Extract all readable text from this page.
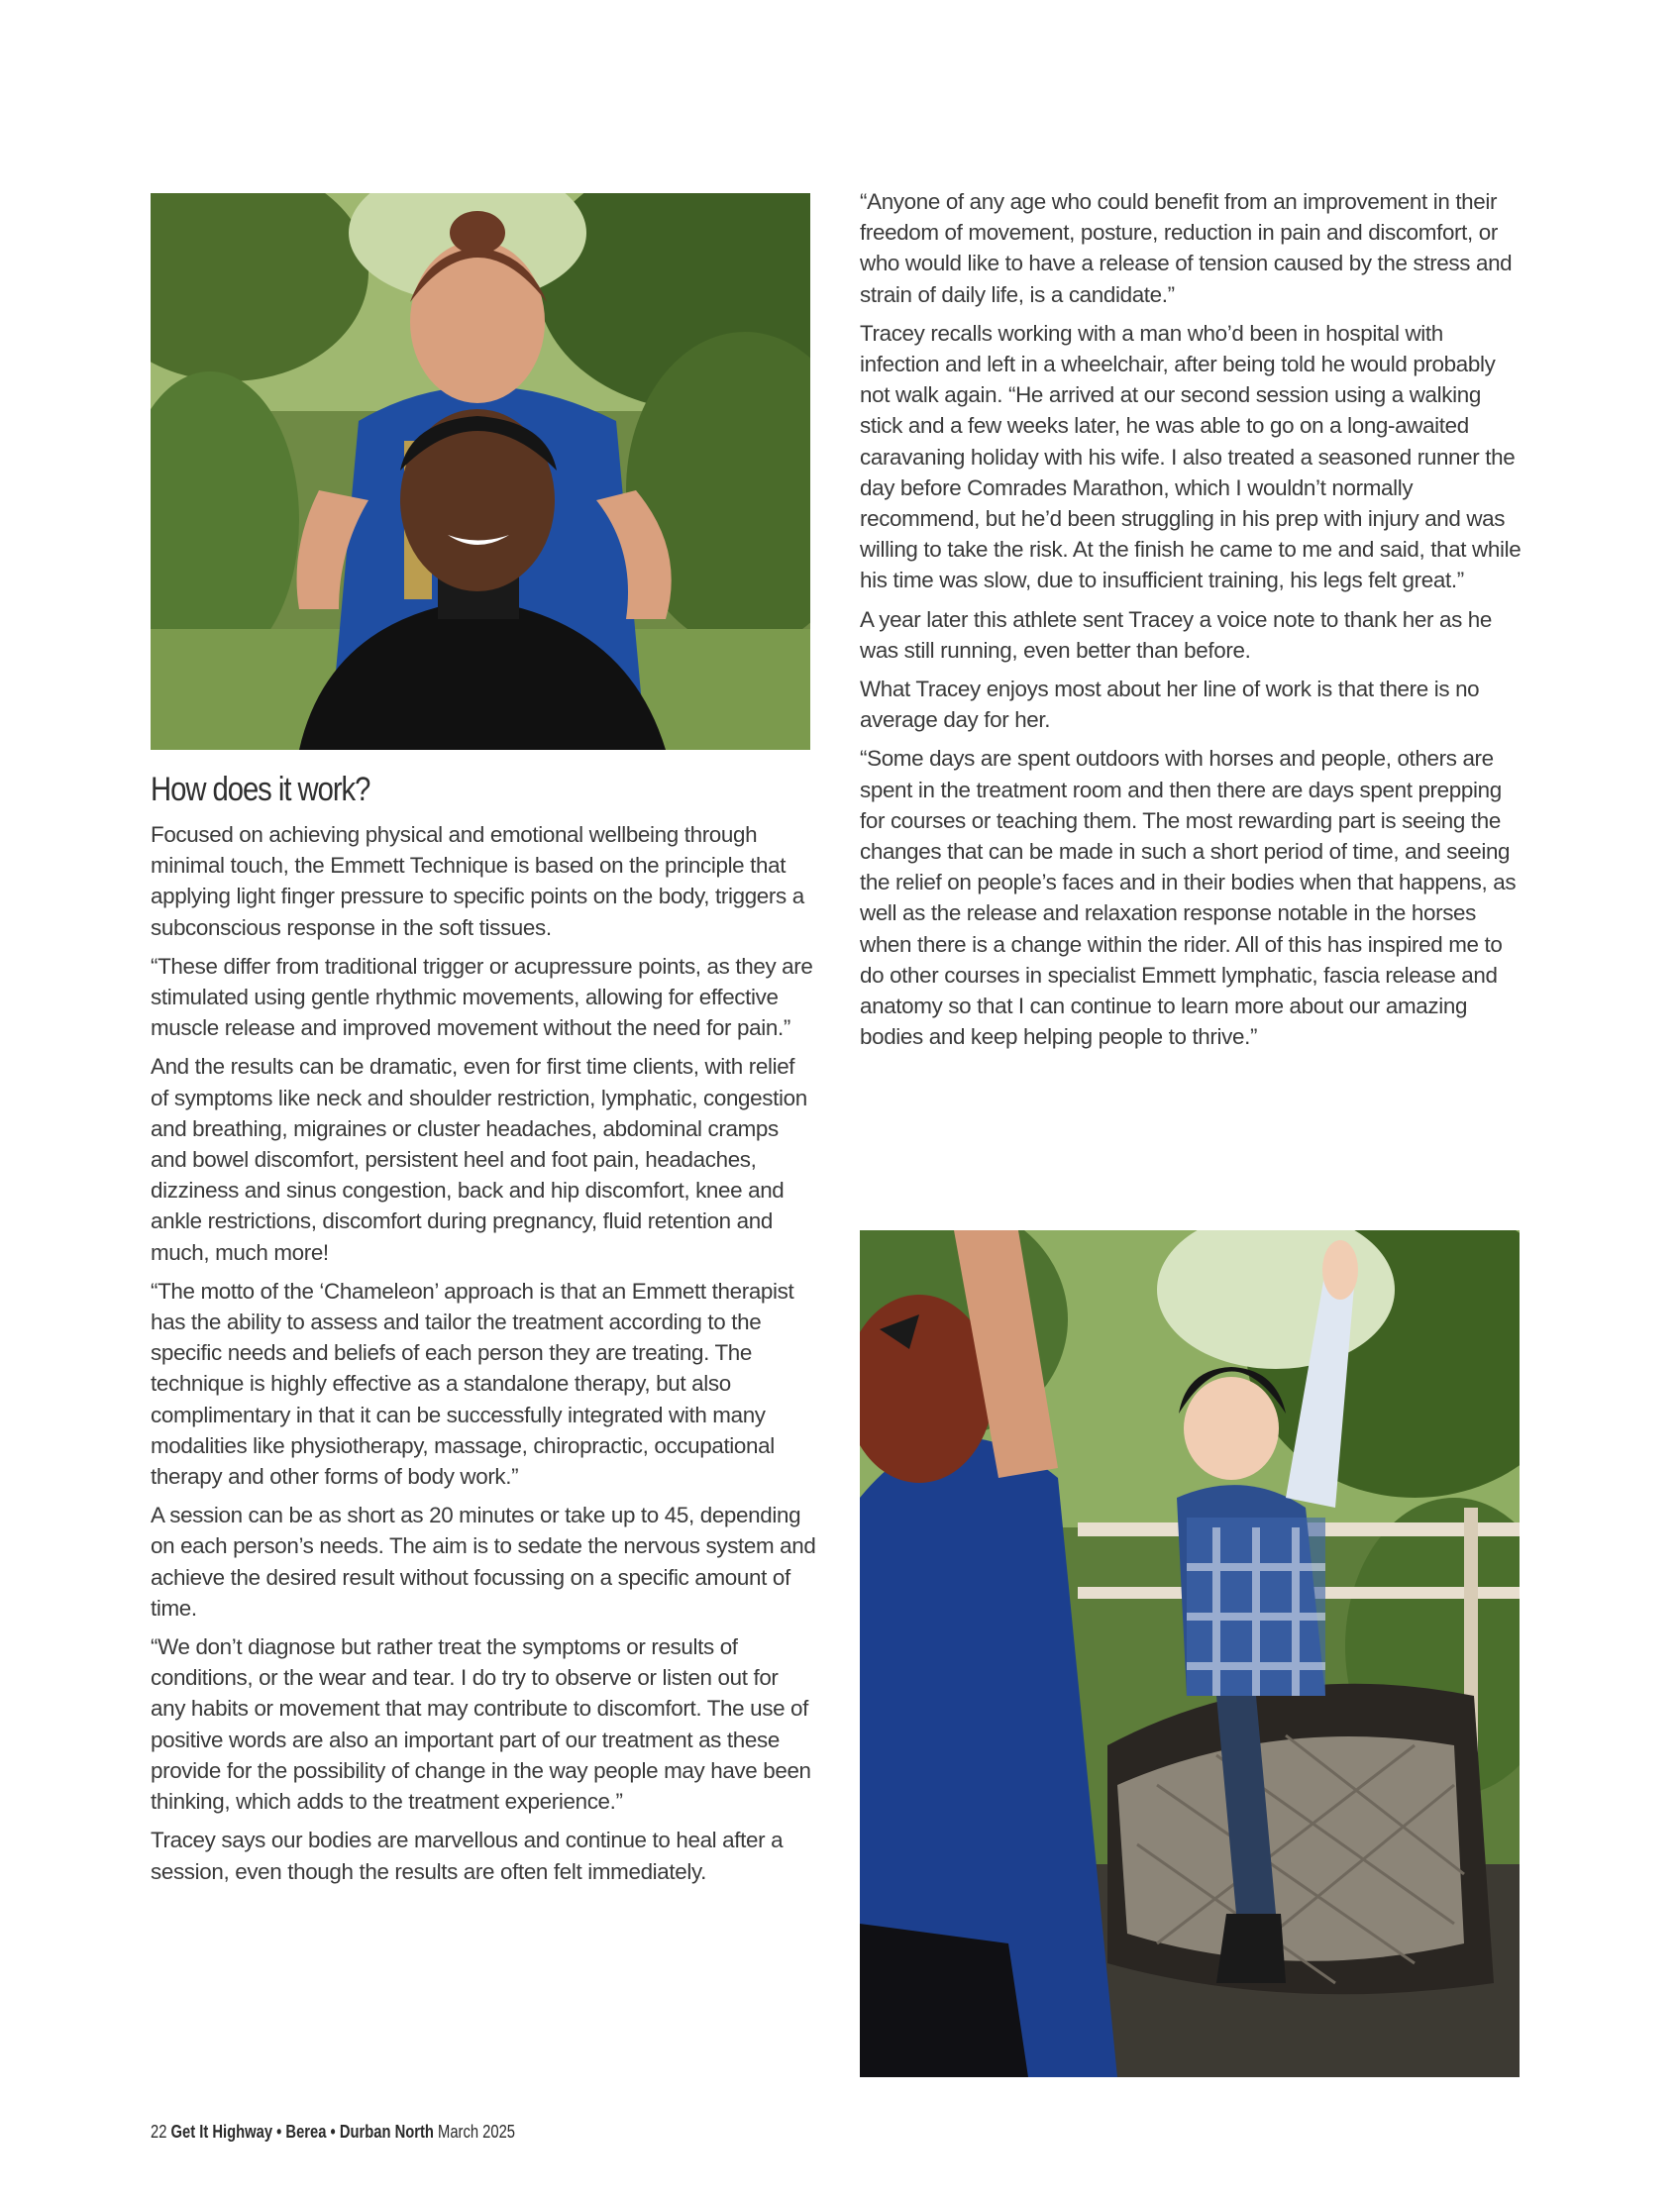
How does it work?

Focused on achieving physical and emotional wellbeing through minimal touch, the Emmett Technique is based on the principle that applying light finger pressure to specific points on the body, triggers a subconscious response in the soft tissues.

“These differ from traditional trigger or acupressure points, as they are stimulated using gentle rhythmic movements, allowing for effective muscle release and improved movement without the need for pain.”

And the results can be dramatic, even for first time clients, with relief of symptoms like neck and shoulder restriction, lymphatic, congestion and breathing, migraines or cluster headaches, abdominal cramps and bowel discomfort, persistent heel and foot pain, headaches, dizziness and sinus congestion, back and hip discomfort, knee and ankle restrictions, discomfort during pregnancy, fluid retention and much, much more!

“The motto of the ‘Chameleon’ approach is that an Emmett therapist has the ability to assess and tailor the treatment according to the specific needs and beliefs of each person they are treating. The technique is highly effective as a standalone therapy, but also complimentary in that it can be successfully integrated with many modalities like physiotherapy, massage, chiropractic, occupational therapy and other forms of body work.”

A session can be as short as 20 minutes or take up to 45, depending on each person’s needs. The aim is to sedate the nervous system and achieve the desired result without focussing on a specific amount of time.

“We don’t diagnose but rather treat the symptoms or results of conditions, or the wear and tear. I do try to observe or listen out for any habits or movement that may contribute to discomfort. The use of positive words are also an important part of our treatment as these provide for the possibility of change in the way people may have been thinking, which adds to the treatment experience.”

Tracey says our bodies are marvellous and continue to heal after a session, even though the results are often felt immediately.

“Anyone of any age who could benefit from an improvement in their freedom of movement, posture, reduction in pain and discomfort, or who would like to have a release of tension caused by the stress and strain of daily life, is a candidate.”

Tracey recalls working with a man who’d been in hospital with infection and left in a wheelchair, after being told he would probably not walk again. “He arrived at our second session using a walking stick and a few weeks later, he was able to go on a long-awaited caravaning holiday with his wife. I also treated a seasoned runner the day before Comrades Marathon, which I wouldn’t normally recommend, but he’d been struggling in his prep with injury and was willing to take the risk. At the finish he came to me and said, that while his time was slow, due to insufficient training, his legs felt great.”

A year later this athlete sent Tracey a voice note to thank her as he was still running, even better than before.

What Tracey enjoys most about her line of work is that there is no average day for her.

“Some days are spent outdoors with horses and people, others are spent in the treatment room and then there are days spent prepping for courses or teaching them. The most rewarding part is seeing the changes that can be made in such a short period of time, and seeing the relief on people’s faces and in their bodies when that happens, as well as the release and relaxation response notable in the horses when there is a change within the rider. All of this has inspired me to do other courses in specialist Emmett lymphatic, fascia release and anatomy so that I can continue to learn more about our amazing bodies and keep helping people to thrive.”

22 Get It Highway • Berea • Durban North March 2025
